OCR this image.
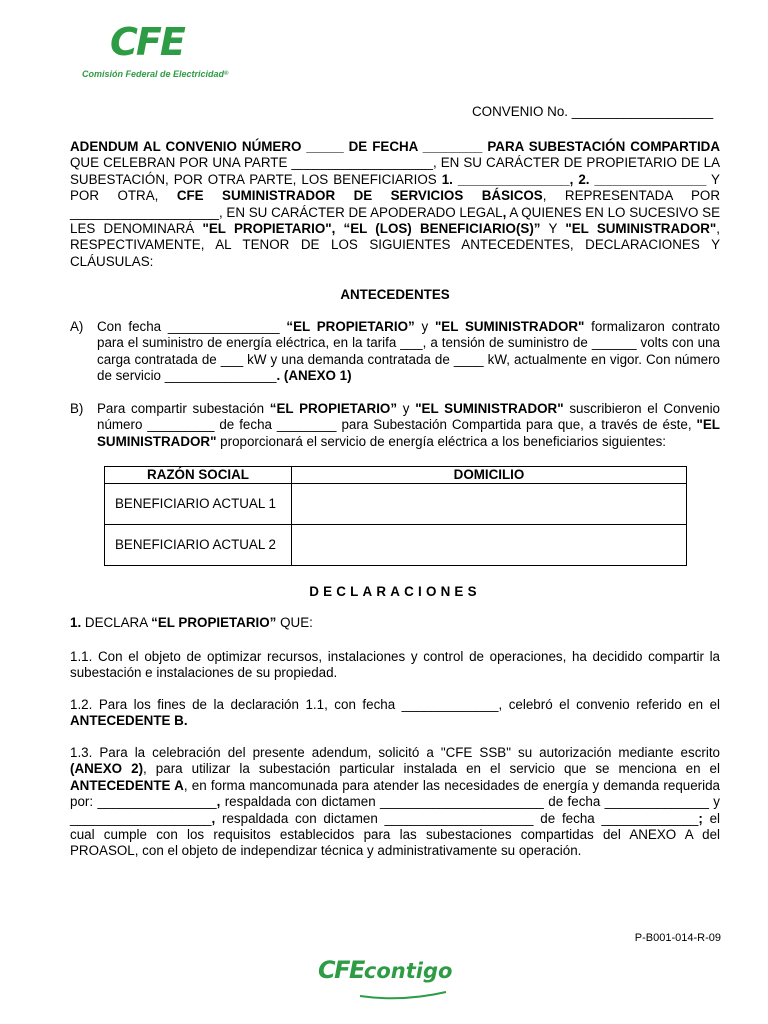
CFE
Comisión Federal de Electricidad®
CONVENIO No. ___________________
ADENDUM AL CONVENIO NÚMERO _____ DE FECHA ________ PARA SUBESTACIÓN COMPARTIDA QUE CELEBRAN POR UNA PARTE ___________________, EN SU CARÁCTER DE PROPIETARIO DE LA SUBESTACIÓN, POR OTRA PARTE, LOS BENEFICIARIOS 1. _______________, 2. _______________ Y POR OTRA, CFE SUMINISTRADOR DE SERVICIOS BÁSICOS, REPRESENTADA POR ____________________, EN SU CARÁCTER DE APODERADO LEGAL, A QUIENES EN LO SUCESIVO SE LES DENOMINARÁ "EL PROPIETARIO", “EL (LOS) BENEFICIARIO(S)” Y "EL SUMINISTRADOR", RESPECTIVAMENTE, AL TENOR DE LOS SIGUIENTES ANTECEDENTES, DECLARACIONES Y CLÁUSULAS:
ANTECEDENTES
A) Con fecha _______________ “EL PROPIETARIO” y "EL SUMINISTRADOR" formalizaron contrato para el suministro de energía eléctrica, en la tarifa ___, a tensión de suministro de ______ volts con una carga contratada de ___ kW y una demanda contratada de ____ kW, actualmente en vigor. Con número de servicio _______________. (ANEXO 1)
B) Para compartir subestación “EL PROPIETARIO” y "EL SUMINISTRADOR" suscribieron el Convenio número _________ de fecha ________ para Subestación Compartida para que, a través de éste, "EL SUMINISTRADOR" proporcionará el servicio de energía eléctrica a los beneficiarios siguientes:
RAZÓN SOCIAL	DOMICILIO
BENEFICIARIO ACTUAL 1	
BENEFICIARIO ACTUAL 2	
DECLARACIONES
1. DECLARA “EL PROPIETARIO” QUE:
1.1. Con el objeto de optimizar recursos, instalaciones y control de operaciones, ha decidido compartir la subestación e instalaciones de su propiedad.
1.2. Para los fines de la declaración 1.1, con fecha _____________, celebró el convenio referido en el ANTECEDENTE B.
1.3. Para la celebración del presente adendum, solicitó a "CFE SSB" su autorización mediante escrito (ANEXO 2), para utilizar la subestación particular instalada en el servicio que se menciona en el ANTECEDENTE A, en forma mancomunada para atender las necesidades de energía y demanda requerida por: ________________, respaldada con dictamen ______________________ de fecha ______________ y ___________________, respaldada con dictamen ____________________ de fecha _____________; el cual cumple con los requisitos establecidos para las subestaciones compartidas del ANEXO A del PROASOL, con el objeto de independizar técnica y administrativamente su operación.
P-B001-014-R-09
CFEcontigo
